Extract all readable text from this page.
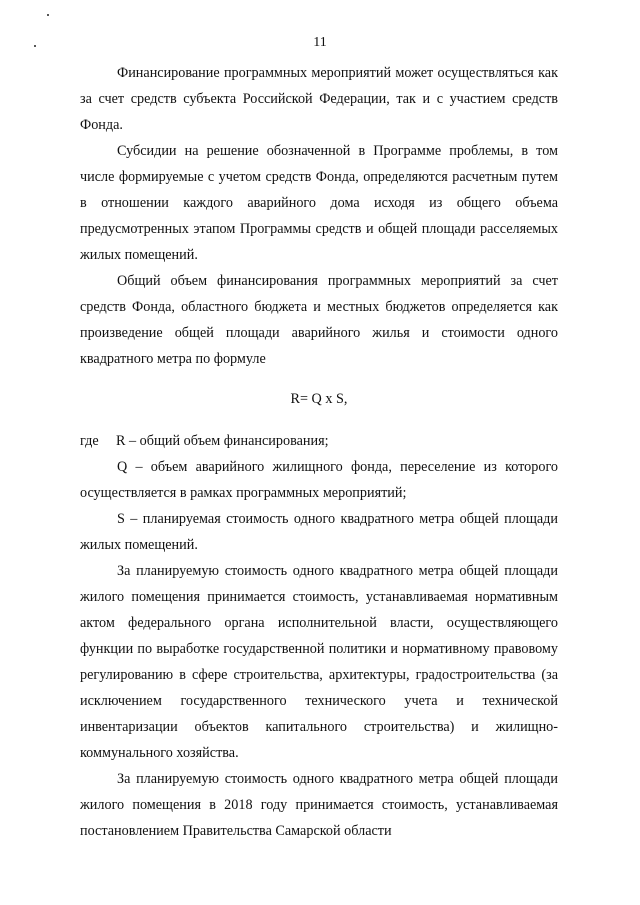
11

Финансирование программных мероприятий может осуществляться как за счет средств субъекта Российской Федерации, так и с участием средств Фонда.

Субсидии на решение обозначенной в Программе проблемы, в том числе формируемые с учетом средств Фонда, определяются расчетным путем в отношении каждого аварийного дома исходя из общего объема предусмотренных этапом Программы средств и общей площади расселяемых жилых помещений.

Общий объем финансирования программных мероприятий за счет средств Фонда, областного бюджета и местных бюджетов определяется как произведение общей площади аварийного жилья и стоимости одного квадратного метра по формуле

R= Q x S,

где R – общий объем финансирования;

Q – объем аварийного жилищного фонда, переселение из которого осуществляется в рамках программных мероприятий;

S – планируемая стоимость одного квадратного метра общей площади жилых помещений.

За планируемую стоимость одного квадратного метра общей площади жилого помещения принимается стоимость, устанавливаемая нормативным актом федерального органа исполнительной власти, осуществляющего функции по выработке государственной политики и нормативному правовому регулированию в сфере строительства, архитектуры, градостроительства (за исключением государственного технического учета и технической инвентаризации объектов капитального строительства) и жилищно-коммунального хозяйства.

За планируемую стоимость одного квадратного метра общей площади жилого помещения в 2018 году принимается стоимость, устанавливаемая постановлением Правительства Самарской области
